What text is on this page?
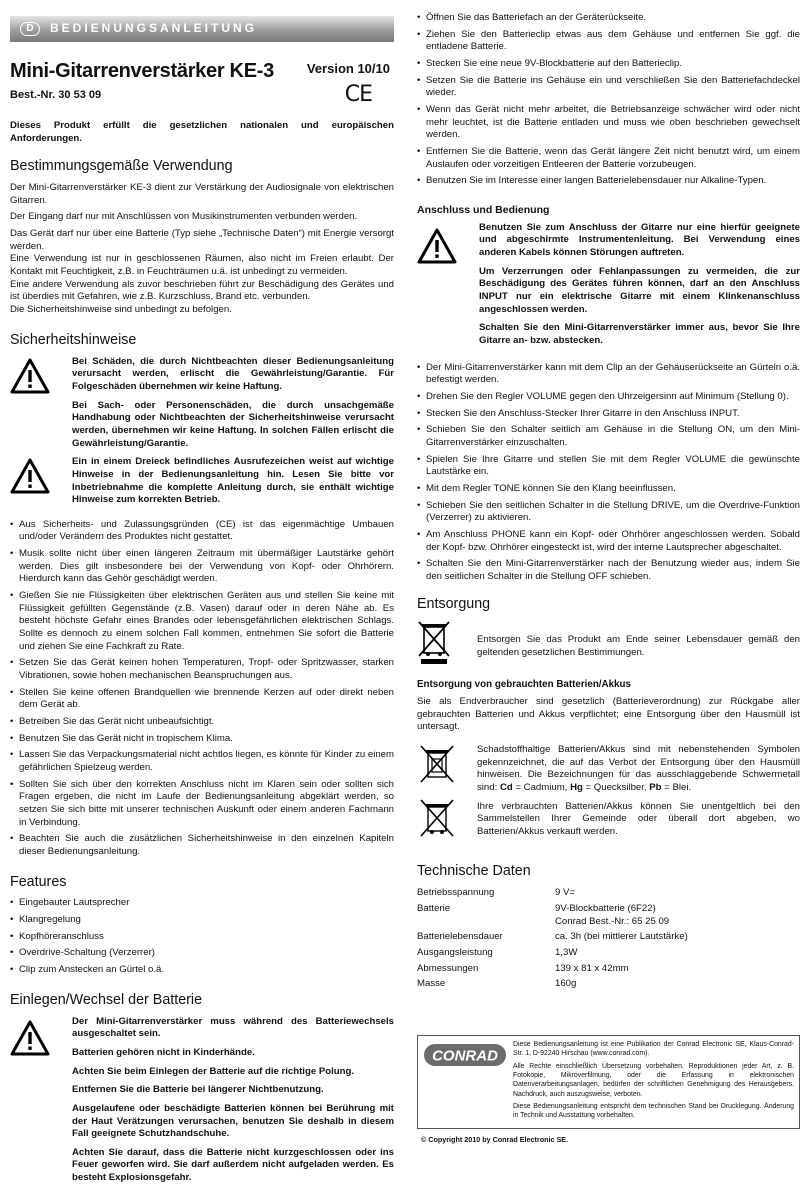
D	BEDIENUNGSANLEITUNG
Mini-Gitarrenverstärker KE-3
Best.-Nr. 30 53 09
Version 10/10
CE

Dieses Produkt erfüllt die gesetzlichen nationalen und europäischen Anforderungen.

Bestimmungsgemäße Verwendung

Der Mini-Gitarrenverstärker KE-3 dient zur Verstärkung der Audiosignale von elektrischen Gitarren.

Der Eingang darf nur mit Anschlüssen von Musikinstrumenten verbunden werden.

Das Gerät darf nur über eine Batterie (Typ siehe „Technische Daten“) mit Energie versorgt werden.

Eine Verwendung ist nur in geschlossenen Räumen, also nicht im Freien erlaubt. Der Kontakt mit Feuchtigkeit, z.B. in Feuchträumen u.ä. ist unbedingt zu vermeiden.

Eine andere Verwendung als zuvor beschrieben führt zur Beschädigung des Gerätes und ist überdies mit Gefahren, wie z.B. Kurzschluss, Brand etc. verbunden.

Die Sicherheitshinweise sind unbedingt zu befolgen.

Sicherheitshinweise

Bei Schäden, die durch Nichtbeachten dieser Bedienungsanleitung verursacht werden, erlischt die Gewährleistung/Garantie. Für Folgeschäden übernehmen wir keine Haftung.

Bei Sach- oder Personenschäden, die durch unsachgemäße Handhabung oder Nichtbeachten der Sicherheitshinweise verursacht werden, übernehmen wir keine Haftung. In solchen Fällen erlischt die Gewährleistung/Garantie.

Ein in einem Dreieck befindliches Ausrufezeichen weist auf wichtige Hinweise in der Bedienungsanleitung hin. Lesen Sie bitte vor Inbetriebnahme die komplette Anleitung durch, sie enthält wichtige Hinweise zum korrekten Betrieb.

• Aus Sicherheits- und Zulassungsgründen (CE) ist das eigenmächtige Umbauen und/oder Verändern des Produktes nicht gestattet.
• Musik sollte nicht über einen längeren Zeitraum mit übermäßiger Lautstärke gehört werden. Dies gilt insbesondere bei der Verwendung von Kopf- oder Ohrhörern. Hierdurch kann das Gehör geschädigt werden.
• Gießen Sie nie Flüssigkeiten über elektrischen Geräten aus und stellen Sie keine mit Flüssigkeit gefüllten Gegenstände (z.B. Vasen) darauf oder in deren Nähe ab. Es besteht höchste Gefahr eines Brandes oder lebensgefährlichen elektrischen Schlags. Sollte es dennoch zu einem solchen Fall kommen, entnehmen Sie sofort die Batterie und ziehen Sie eine Fachkraft zu Rate.
• Setzen Sie das Gerät keinen hohen Temperaturen, Tropf- oder Spritzwasser, starken Vibrationen, sowie hohen mechanischen Beanspruchungen aus.
• Stellen Sie keine offenen Brandquellen wie brennende Kerzen auf oder direkt neben dem Gerät ab.
• Betreiben Sie das Gerät nicht unbeaufsichtigt.
• Benutzen Sie das Gerät nicht in tropischem Klima.
• Lassen Sie das Verpackungsmaterial nicht achtlos liegen, es könnte für Kinder zu einem gefährlichen Spielzeug werden.
• Sollten Sie sich über den korrekten Anschluss nicht im Klaren sein oder sollten sich Fragen ergeben, die nicht im Laufe der Bedienungsanleitung abgeklärt werden, so setzen Sie sich bitte mit unserer technischen Auskunft oder einem anderen Fachmann in Verbindung.
• Beachten Sie auch die zusätzlichen Sicherheitshinweise in den einzelnen Kapiteln dieser Bedienungsanleitung.
Features
• Eingebauter Lautsprecher
• Klangregelung
• Kopfhöreranschluss
• Overdrive-Schaltung (Verzerrer)
• Clip zum Anstecken an Gürtel o.ä.
Einlegen/Wechsel der Batterie

Der Mini-Gitarrenverstärker muss während des Batteriewechsels ausgeschaltet sein.

Batterien gehören nicht in Kinderhände.

Achten Sie beim Einlegen der Batterie auf die richtige Polung.

Entfernen Sie die Batterie bei längerer Nichtbenutzung.

Ausgelaufene oder beschädigte Batterien können bei Berührung mit der Haut Verätzungen verursachen, benutzen Sie deshalb in diesem Fall geeignete Schutzhandschuhe.

Achten Sie darauf, dass die Batterie nicht kurzgeschlossen oder ins Feuer geworfen wird. Sie darf außerdem nicht aufgeladen werden. Es besteht Explosionsgefahr.

• Öffnen Sie das Batteriefach an der Geräterückseite.
• Ziehen Sie den Batterieclip etwas aus dem Gehäuse und entfernen Sie ggf. die entladene Batterie.
• Stecken Sie eine neue 9V-Blockbatterie auf den Batterieclip.
• Setzen Sie die Batterie ins Gehäuse ein und verschließen Sie den Batteriefachdeckel wieder.
• Wenn das Gerät nicht mehr arbeitet, die Betriebsanzeige schwächer wird oder nicht mehr leuchtet, ist die Batterie entladen und muss wie oben beschrieben gewechselt werden.
• Entfernen Sie die Batterie, wenn das Gerät längere Zeit nicht benutzt wird, um einem Auslaufen oder vorzeitigen Entleeren der Batterie vorzubeugen.
• Benutzen Sie im Interesse einer langen Batterielebensdauer nur Alkaline-Typen.
Anschluss und Bedienung

Benutzen Sie zum Anschluss der Gitarre nur eine hierfür geeignete und abgeschirmte Instrumentenleitung. Bei Verwendung eines anderen Kabels können Störungen auftreten.

Um Verzerrungen oder Fehlanpassungen zu vermeiden, die zur Beschädigung des Gerätes führen können, darf an den Anschluss INPUT nur ein elektrische Gitarre mit einem Klinkenanschluss angeschlossen werden.

Schalten Sie den Mini-Gitarrenverstärker immer aus, bevor Sie Ihre Gitarre an- bzw. abstecken.

• Der Mini-Gitarrenverstärker kann mit dem Clip an der Gehäuserückseite an Gürteln o.ä. befestigt werden.
• Drehen Sie den Regler VOLUME gegen den Uhrzeigersinn auf Minimum (Stellung 0).
• Stecken Sie den Anschluss-Stecker Ihrer Gitarre in den Anschluss INPUT.
• Schieben Sie den Schalter seitlich am Gehäuse in die Stellung ON, um den Mini-Gitarrenverstärker einzuschalten.
• Spielen Sie Ihre Gitarre und stellen Sie mit dem Regler VOLUME die gewünschte Lautstärke ein.
• Mit dem Regler TONE können Sie den Klang beeinflussen.
• Schieben Sie den seitlichen Schalter in die Stellung DRIVE, um die Overdrive-Funktion (Verzerrer) zu aktivieren.
• Am Anschluss PHONE kann ein Kopf- oder Ohrhörer angeschlossen werden. Sobald der Kopf- bzw. Ohrhörer eingesteckt ist, wird der interne Lautsprecher abgeschaltet.
• Schalten Sie den Mini-Gitarrenverstärker nach der Benutzung wieder aus, indem Sie den seitlichen Schalter in die Stellung OFF schieben.
Entsorgung

Entsorgen Sie das Produkt am Ende seiner Lebensdauer gemäß den geltenden gesetzlichen Bestimmungen.

Entsorgung von gebrauchten Batterien/Akkus

Sie als Endverbraucher sind gesetzlich (Batterieverordnung) zur Rückgabe aller gebrauchten Batterien und Akkus verpflichtet; eine Entsorgung über den Hausmüll ist untersagt.

Schadstoffhaltige Batterien/Akkus sind mit nebenstehenden Symbolen gekennzeichnet, die auf das Verbot der Entsorgung über den Hausmüll hinweisen. Die Bezeichnungen für das ausschlaggebende Schwermetall sind: Cd = Cadmium, Hg = Quecksilber, Pb = Blei.

Ihre verbrauchten Batterien/Akkus können Sie unentgeltlich bei den Sammelstellen Ihrer Gemeinde oder überall dort abgeben, wo Batterien/Akkus verkauft werden.

Technische Daten
Betriebsspannung	9 V=
Batterie	9V-Blockbatterie (6F22)
Conrad Best.-Nr.: 65 25 09

Batterielebensdauer	ca. 3h (bei mittlerer Lautstärke)
Ausgangsleistung	1,3W
Abmessungen	139 x 81 x 42mm
Masse	160g
CONRAD

Diese Bedienungsanleitung ist eine Publikation der Conrad Electronic SE, Klaus-Conrad-Str. 1, D-92240 Hirschau (www.conrad.com).

Alle Rechte einschließlich Übersetzung vorbehalten. Reproduktionen jeder Art, z. B. Fotokopie, Mikroverfilmung, oder die Erfassung in elektronischen Datenverarbeitungsanlagen, bedürfen der schriftlichen Genehmigung des Herausgebers. Nachdruck, auch auszugsweise, verboten.

Diese Bedienungsanleitung entspricht dem technischen Stand bei Drucklegung. Änderung in Technik und Ausstattung vorbehalten.

© Copyright 2010 by Conrad Electronic SE.
